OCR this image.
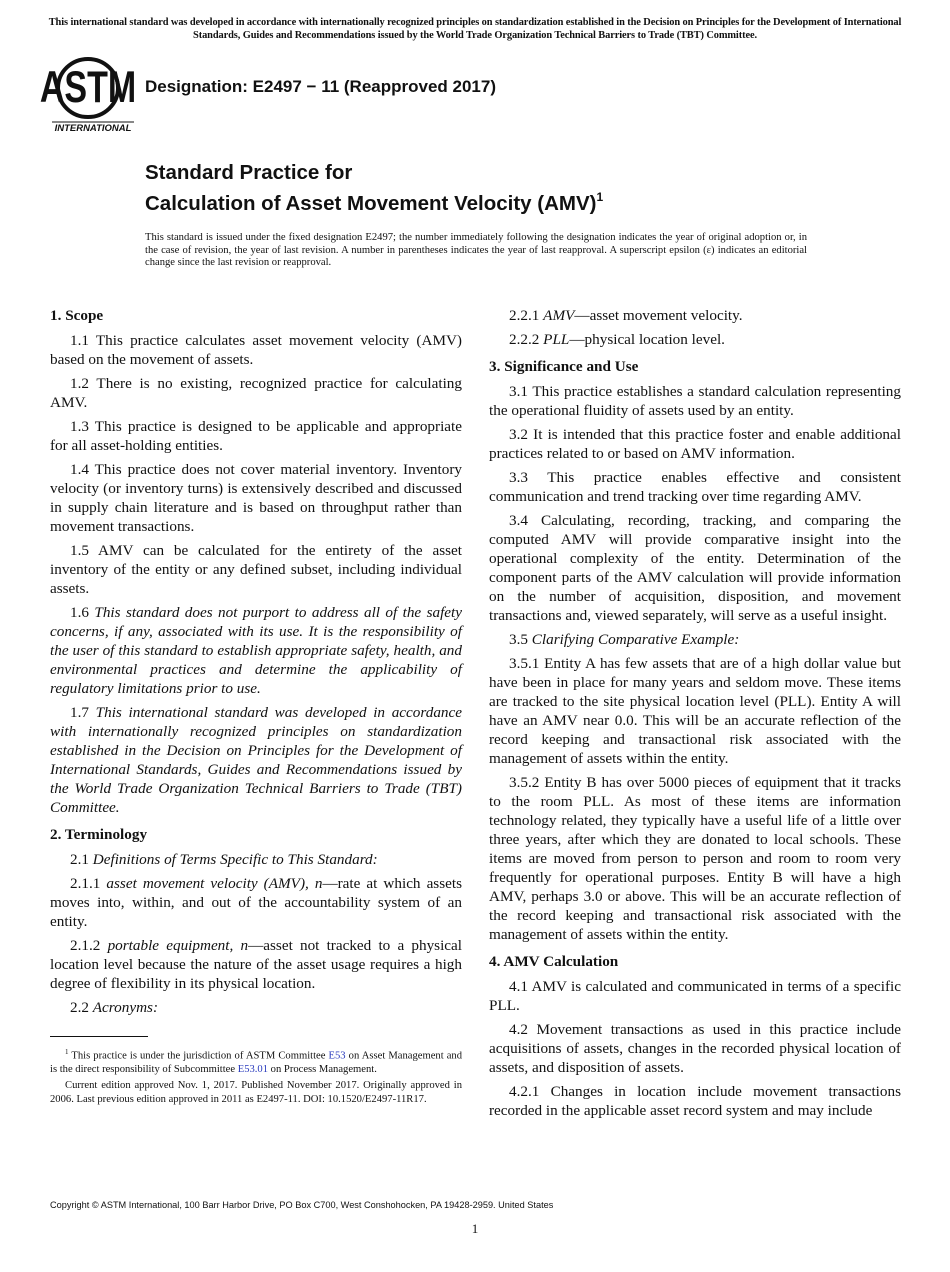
This international standard was developed in accordance with internationally recognized principles on standardization established in the Decision on Principles for the Development of International Standards, Guides and Recommendations issued by the World Trade Organization Technical Barriers to Trade (TBT) Committee.
ASTM
INTERNATIONAL
Designation: E2497 − 11 (Reapproved 2017)
Standard Practice for
Calculation of Asset Movement Velocity (AMV)$^1$
This standard is issued under the fixed designation E2497; the number immediately following the designation indicates the year of original adoption or, in the case of revision, the year of last revision. A number in parentheses indicates the year of last reapproval. A superscript epsilon (ε) indicates an editorial change since the last revision or reapproval.
1. Scope

1.1 This practice calculates asset movement velocity (AMV) based on the movement of assets.

1.2 There is no existing, recognized practice for calculating AMV.

1.3 This practice is designed to be applicable and appropriate for all asset-holding entities.

1.4 This practice does not cover material inventory. Inventory velocity (or inventory turns) is extensively described and discussed in supply chain literature and is based on throughput rather than movement transactions.

1.5 AMV can be calculated for the entirety of the asset inventory of the entity or any defined subset, including individual assets.

1.6 This standard does not purport to address all of the safety concerns, if any, associated with its use. It is the responsibility of the user of this standard to establish appropriate safety, health, and environmental practices and determine the applicability of regulatory limitations prior to use.

1.7 This international standard was developed in accordance with internationally recognized principles on standardization established in the Decision on Principles for the Development of International Standards, Guides and Recommendations issued by the World Trade Organization Technical Barriers to Trade (TBT) Committee.

2. Terminology

2.1 Definitions of Terms Specific to This Standard:

2.1.1 asset movement velocity (AMV), n—rate at which assets moves into, within, and out of the accountability system of an entity.

2.1.2 portable equipment, n—asset not tracked to a physical location level because the nature of the asset usage requires a high degree of flexibility in its physical location.

2.2 Acronyms:

2.2.1 AMV—asset movement velocity.

2.2.2 PLL—physical location level.

3. Significance and Use

3.1 This practice establishes a standard calculation representing the operational fluidity of assets used by an entity.

3.2 It is intended that this practice foster and enable additional practices related to or based on AMV information.

3.3 This practice enables effective and consistent communication and trend tracking over time regarding AMV.

3.4 Calculating, recording, tracking, and comparing the computed AMV will provide comparative insight into the operational complexity of the entity. Determination of the component parts of the AMV calculation will provide information on the number of acquisition, disposition, and movement transactions and, viewed separately, will serve as a useful insight.

3.5 Clarifying Comparative Example:

3.5.1 Entity A has few assets that are of a high dollar value but have been in place for many years and seldom move. These items are tracked to the site physical location level (PLL). Entity A will have an AMV near 0.0. This will be an accurate reflection of the record keeping and transactional risk associated with the management of assets within the entity.

3.5.2 Entity B has over 5000 pieces of equipment that it tracks to the room PLL. As most of these items are information technology related, they typically have a useful life of a little over three years, after which they are donated to local schools. These items are moved from person to person and room to room very frequently for operational purposes. Entity B will have a high AMV, perhaps 3.0 or above. This will be an accurate reflection of the record keeping and transactional risk associated with the management of assets within the entity.

4. AMV Calculation

4.1 AMV is calculated and communicated in terms of a specific PLL.

4.2 Movement transactions as used in this practice include acquisitions of assets, changes in the recorded physical location of assets, and disposition of assets.

4.2.1 Changes in location include movement transactions recorded in the applicable asset record system and may include

$^1$ This practice is under the jurisdiction of ASTM Committee E53 on Asset Management and is the direct responsibility of Subcommittee E53.01 on Process Management.

Current edition approved Nov. 1, 2017. Published November 2017. Originally approved in 2006. Last previous edition approved in 2011 as E2497-11. DOI: 10.1520/E2497-11R17.

Copyright © ASTM International, 100 Barr Harbor Drive, PO Box C700, West Conshohocken, PA 19428-2959. United States
1
